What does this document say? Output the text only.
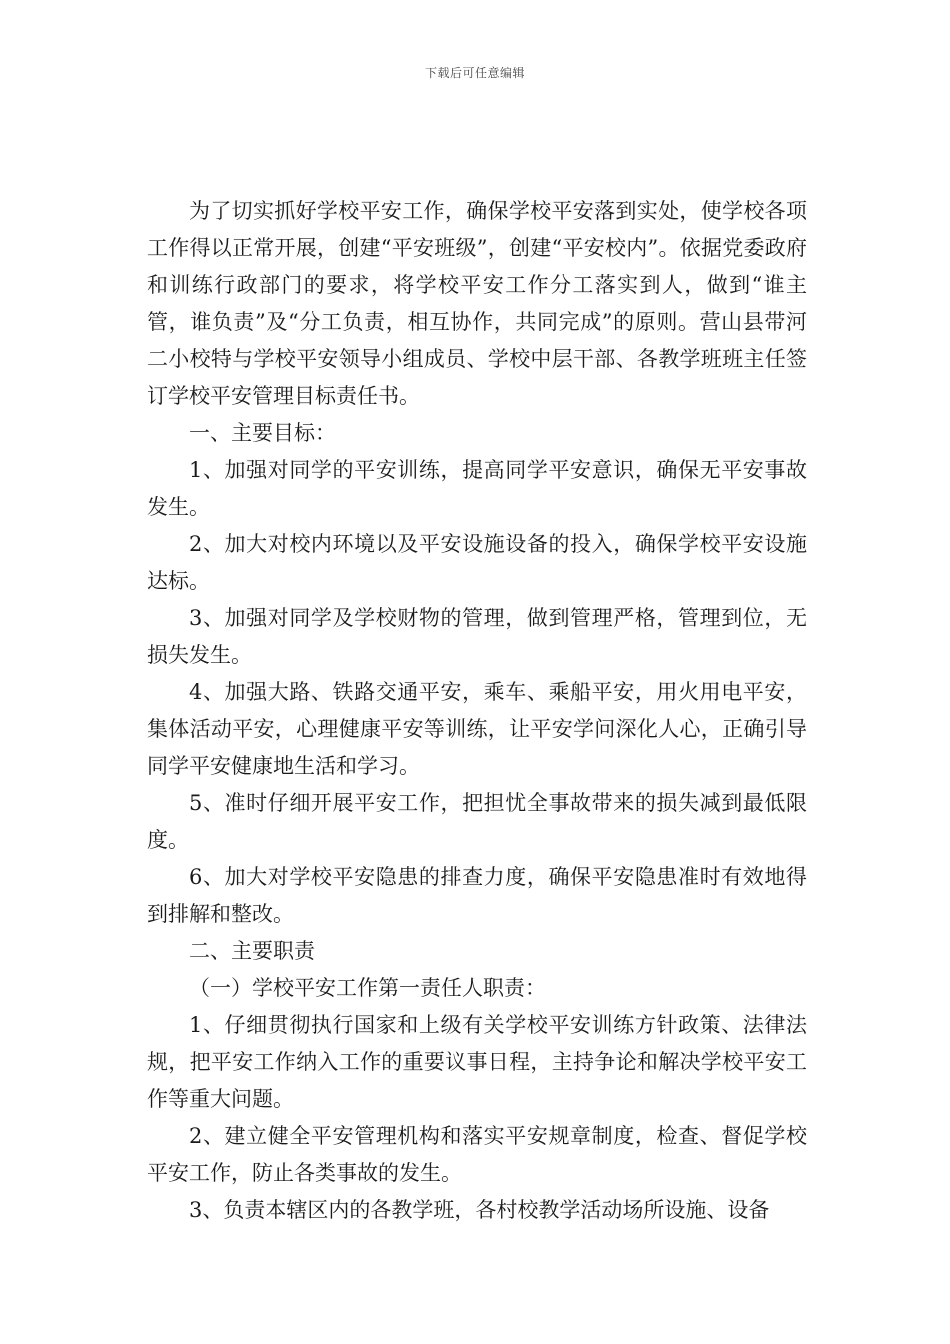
下载后可任意编辑

为了切实抓好学校平安工作，确保学校平安落到实处，使学校各项工作得以正常开展，创建“平安班级”，创建“平安校内”。依据党委政府和训练行政部门的要求，将学校平安工作分工落实到人，做到“谁主管，谁负责”及“分工负责，相互协作，共同完成”的原则。营山县带河二小校特与学校平安领导小组成员、学校中层干部、各教学班班主任签订学校平安管理目标责任书。

一、主要目标：

1、加强对同学的平安训练，提高同学平安意识，确保无平安事故发生。

2、加大对校内环境以及平安设施设备的投入，确保学校平安设施达标。

3、加强对同学及学校财物的管理，做到管理严格，管理到位，无损失发生。

4、加强大路、铁路交通平安，乘车、乘船平安，用火用电平安，集体活动平安，心理健康平安等训练，让平安学问深化人心，正确引导同学平安健康地生活和学习。

5、准时仔细开展平安工作，把担忧全事故带来的损失减到最低限度。

6、加大对学校平安隐患的排查力度，确保平安隐患准时有效地得到排解和整改。

二、主要职责

（一）学校平安工作第一责任人职责：

1、仔细贯彻执行国家和上级有关学校平安训练方针政策、法律法规，把平安工作纳入工作的重要议事日程，主持争论和解决学校平安工作等重大问题。

2、建立健全平安管理机构和落实平安规章制度，检查、督促学校平安工作，防止各类事故的发生。

3、负责本辖区内的各教学班，各村校教学活动场所设施、设备
